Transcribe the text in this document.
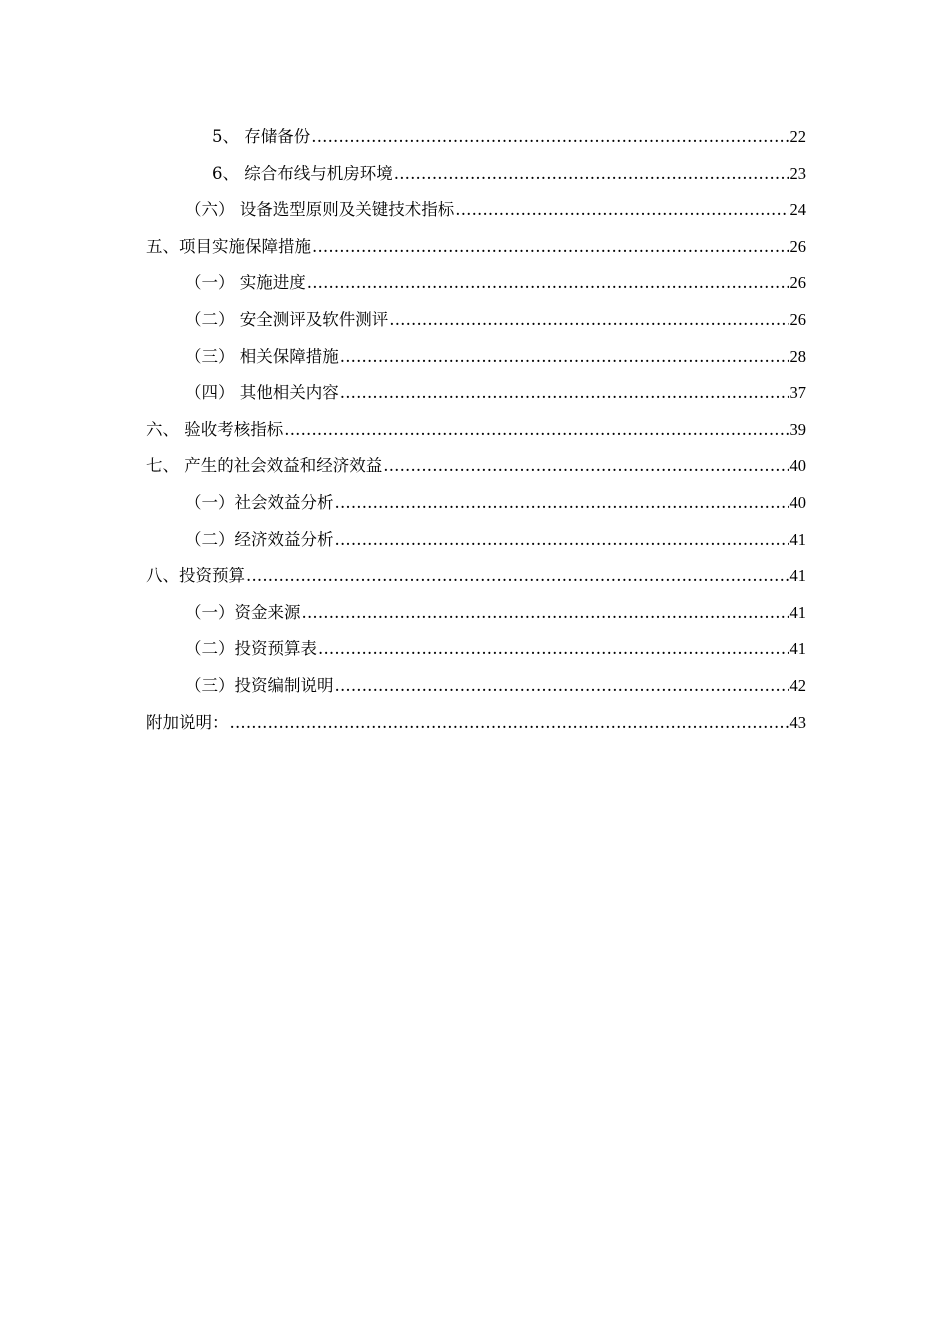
5、 存储备份 .....	22
6、 综合布线与机房环境 .....	23
（六） 设备选型原则及关键技术指标 .....	24
五、项目实施保障措施 .....	26
（一） 实施进度 .....	26
（二） 安全测评及软件测评 .....	26
（三） 相关保障措施 .....	28
（四） 其他相关内容 .....	37
六、 验收考核指标 .....	39
七、 产生的社会效益和经济效益 .....	40
（一）社会效益分析 .....	40
（二）经济效益分析 .....	41
八、投资预算 .....	41
（一）资金来源 .....	41
（二）投资预算表 .....	41
（三）投资编制说明 .....	42
附加说明： .....	43
